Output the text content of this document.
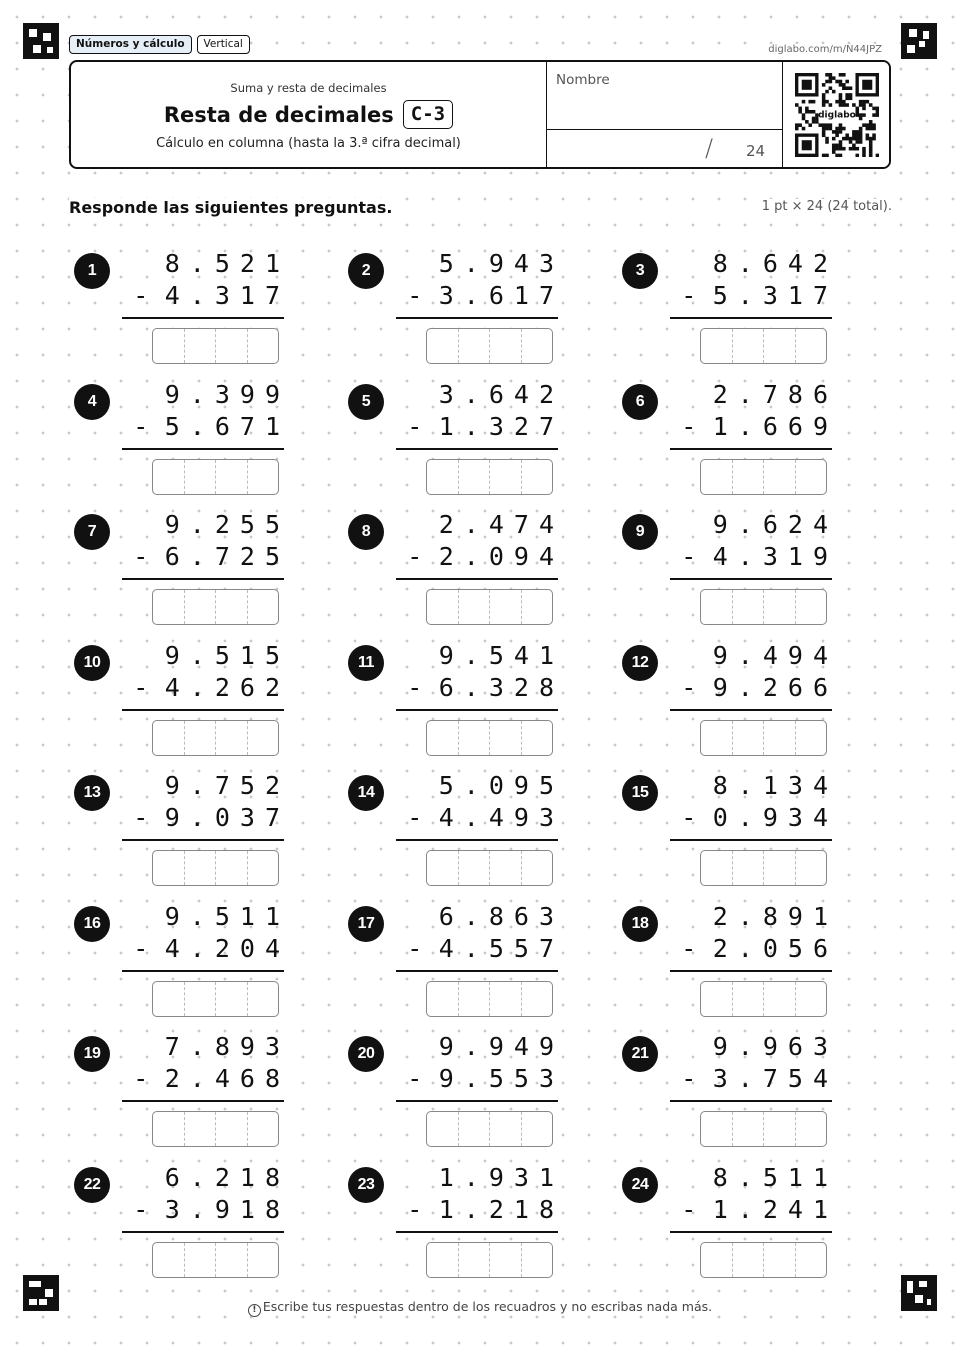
Números y cálculo	Vertical	diglabo.com/m/N44JPZ
Suma y resta de decimales
Resta de decimales C-3
Cálculo en columna (hasta la 3.ª cifra decimal)
Nombre
/ 24
diglabo
Responde las siguientes preguntas.	1 pt × 24 (24 total).
1	8.521
- 4.317
2	5.943
- 3.617
3	8.642
- 5.317
4	9.399
- 5.671
5	3.642
- 1.327
6	2.786
- 1.669
7	9.255
- 6.725
8	2.474
- 2.094
9	9.624
- 4.319
10	9.515
- 4.262
11	9.541
- 6.328
12	9.494
- 9.266
13	9.752
- 9.037
14	5.095
- 4.493
15	8.134
- 0.934
16	9.511
- 4.204
17	6.863
- 4.557
18	2.891
- 2.056
19	7.893
- 2.468
20	9.949
- 9.553
21	9.963
- 3.754
22	6.218
- 3.918
23	1.931
- 1.218
24	8.511
- 1.241
! Escribe tus respuestas dentro de los recuadros y no escribas nada más.
